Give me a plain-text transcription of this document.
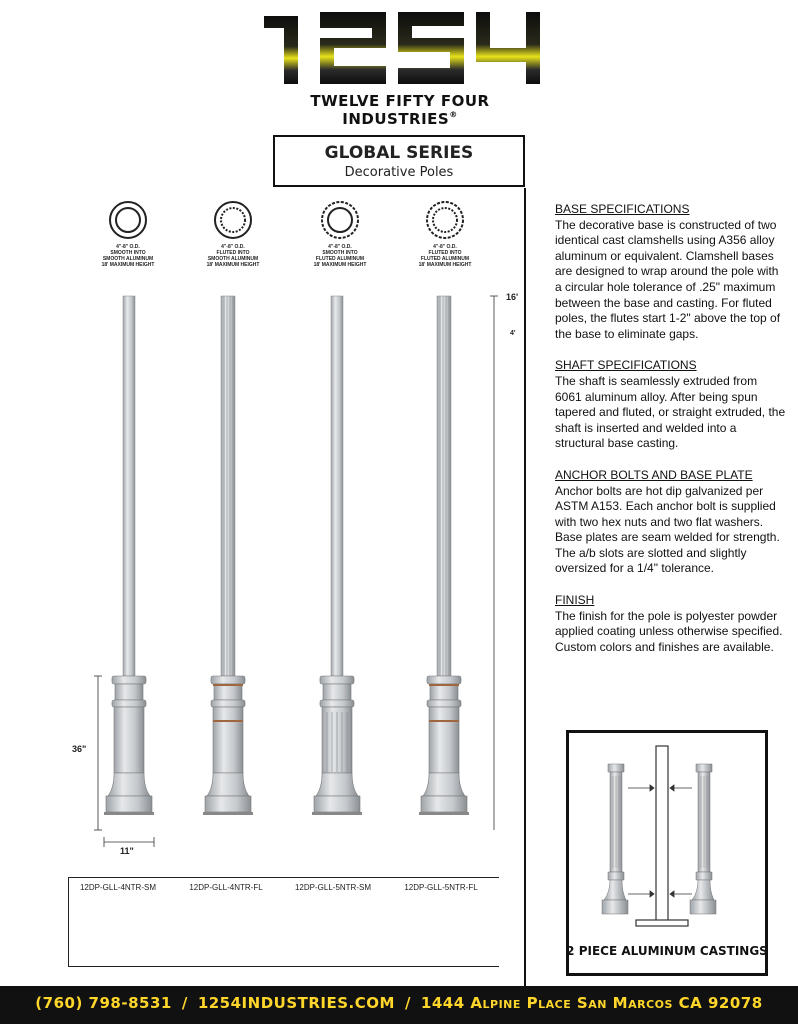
TWELVE FIFTY FOUR INDUSTRIES®
GLOBAL SERIES
Decorative Poles
4"-8" O.D.
SMOOTH INTO
SMOOTH ALUMINUM
18' MAXIMUM HEIGHT
4"-8" O.D.
FLUTED INTO
SMOOTH ALUMINUM
18' MAXIMUM HEIGHT
4"-8" O.D.
SMOOTH INTO
FLUTED ALUMINUM
18' MAXIMUM HEIGHT
4"-8" O.D.
FLUTED INTO
FLUTED ALUMINUM
18' MAXIMUM HEIGHT
16'
4'
36"
11"
12DP-GLL-4NTR-SM	12DP-GLL-4NTR-FL	12DP-GLL-5NTR-SM	12DP-GLL-5NTR-FL
BASE SPECIFICATIONS
The decorative base is constructed of two identical cast clamshells using A356 alloy aluminum or equivalent. Clamshell bases are designed to wrap around the pole with a circular hole tolerance of .25" maximum between the base and casting. For fluted poles, the flutes start 1-2" above the top of the base to eliminate gaps.
SHAFT SPECIFICATIONS
The shaft is seamlessly extruded from 6061 aluminum alloy. After being spun tapered and fluted, or straight extruded, the shaft is inserted and welded into a structural base casting.
ANCHOR BOLTS AND BASE PLATE
Anchor bolts are hot dip galvanized per ASTM A153. Each anchor bolt is supplied with two hex nuts and two flat washers. Base plates are seam welded for strength. The a/b slots are slotted and slightly oversized for a 1/4" tolerance.
FINISH
The finish for the pole is polyester powder applied coating unless otherwise specified. Custom colors and finishes are available.
2 PIECE ALUMINUM CASTINGS
(760) 798-8531 / 1254INDUSTRIES.COM / 1444 Alpine Place San Marcos CA 92078
